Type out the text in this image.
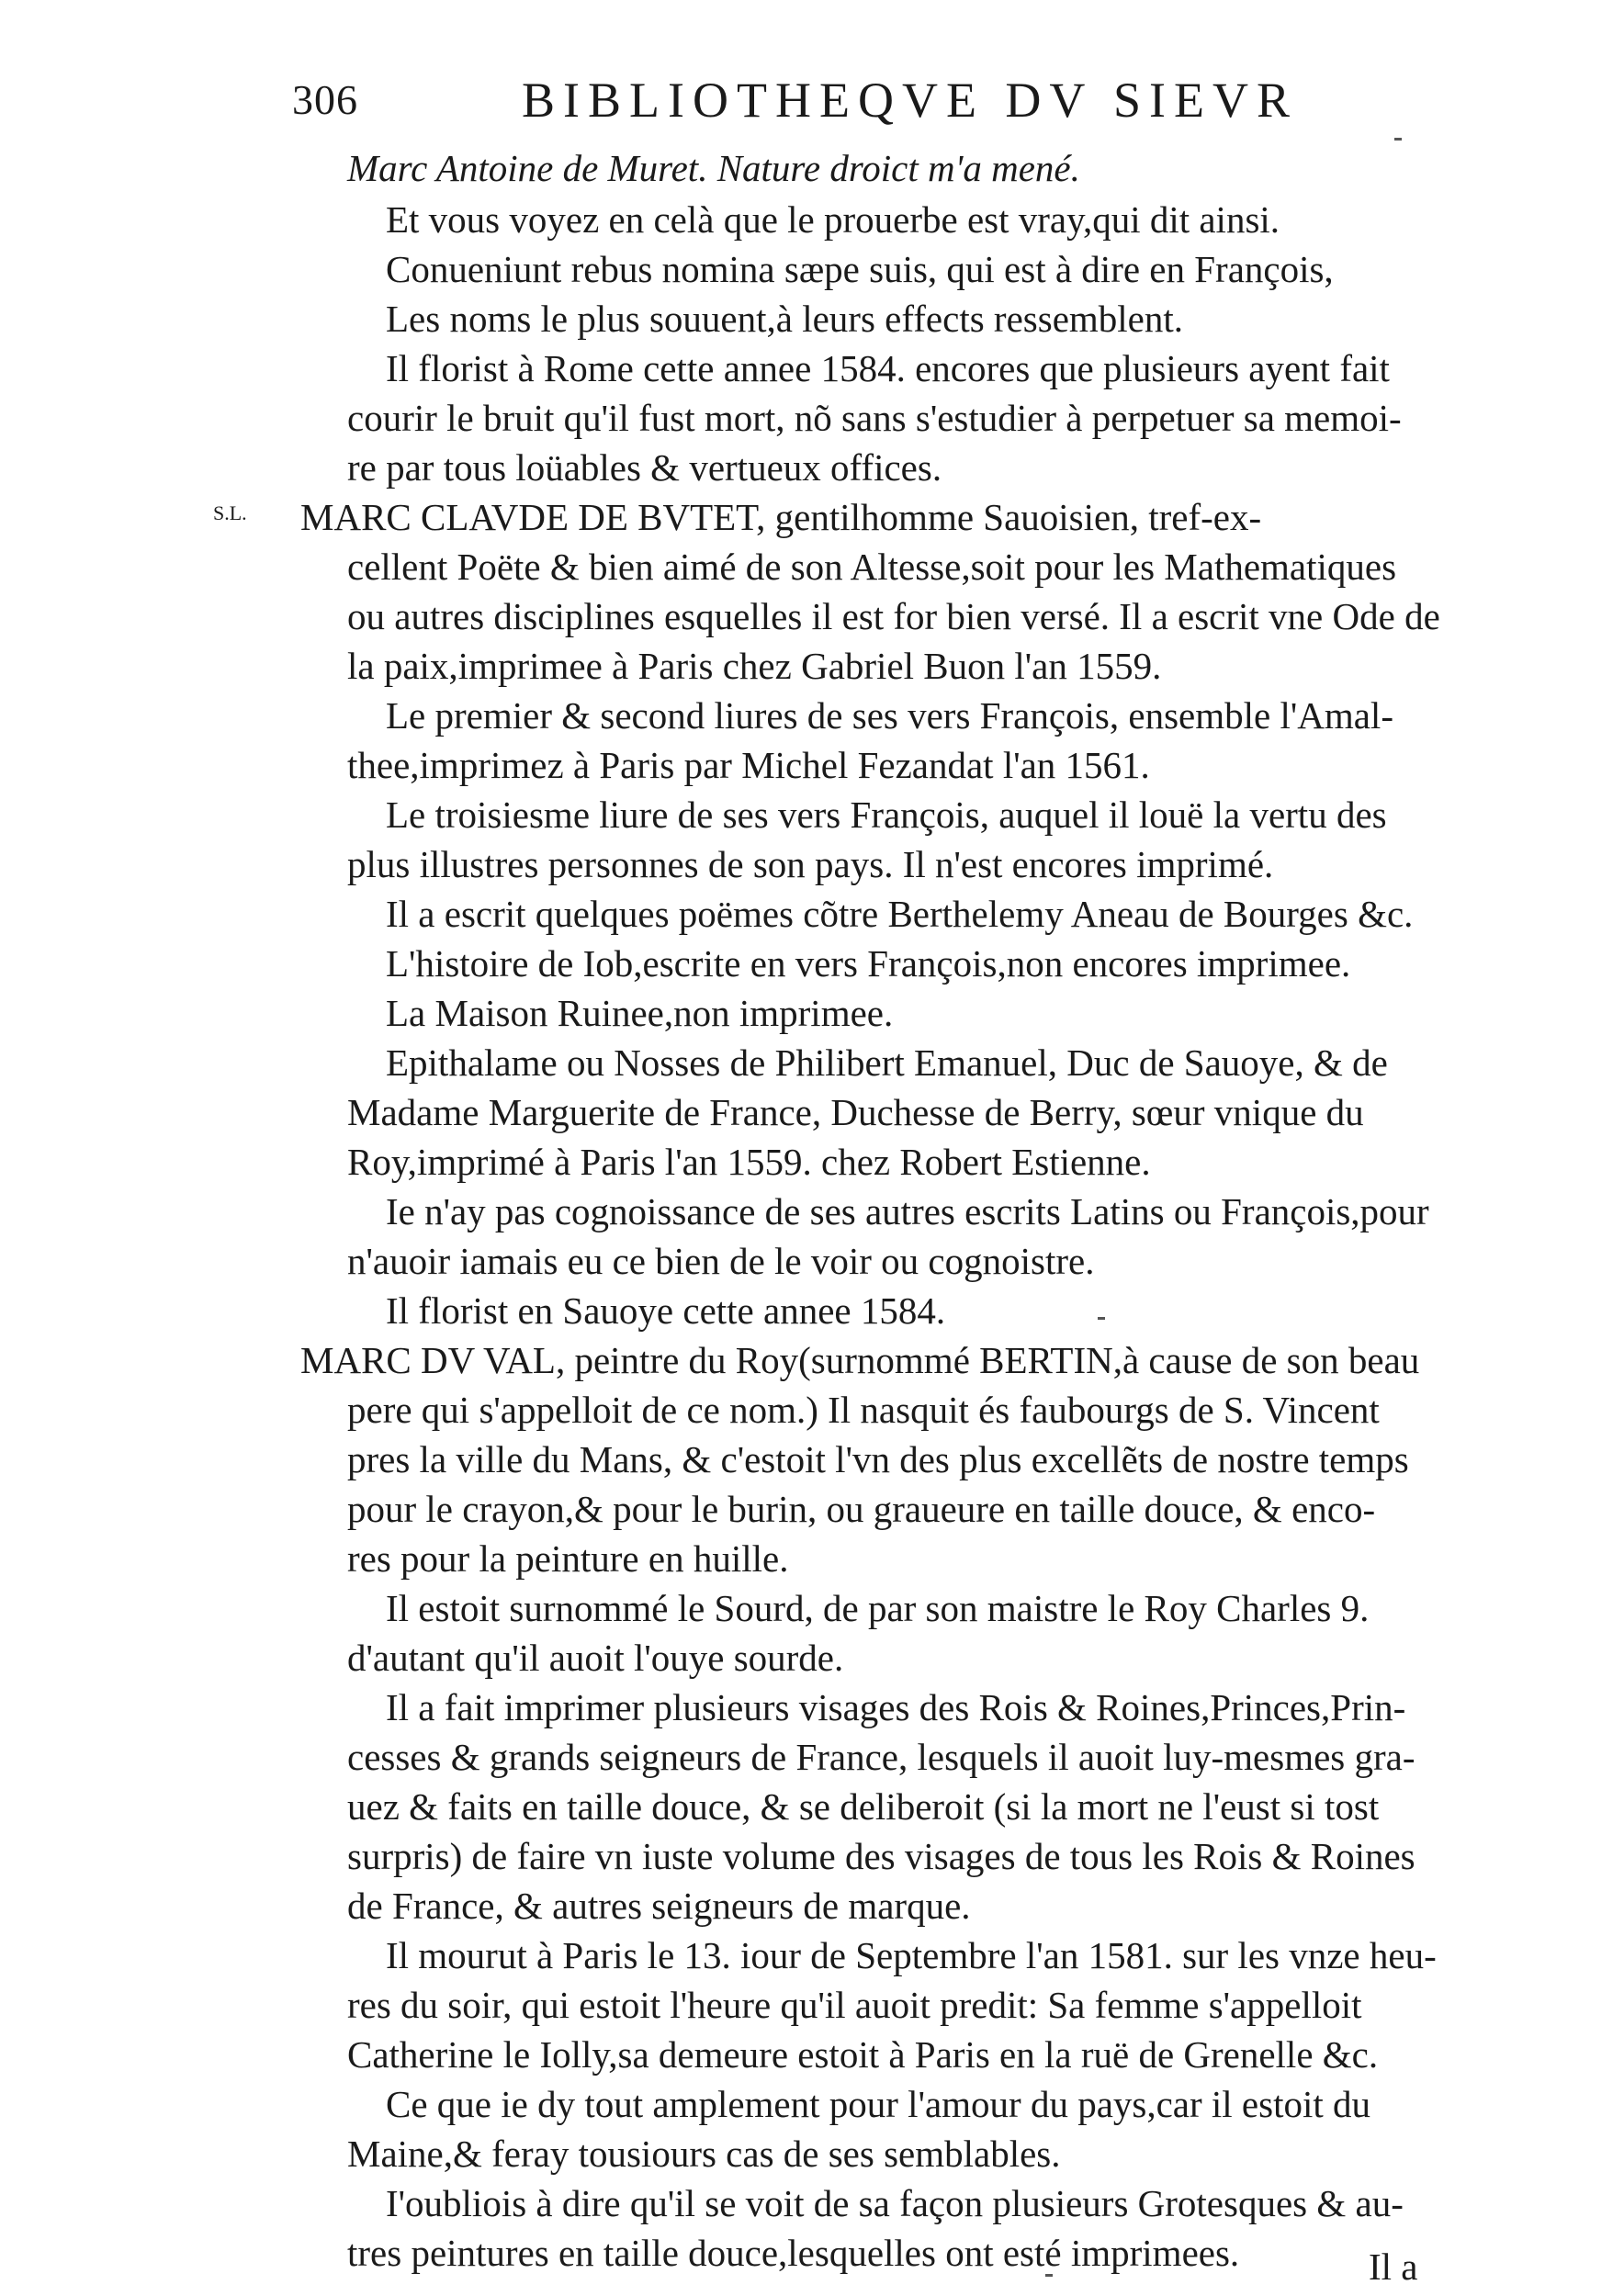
306	BIBLIOTHEQVE DV SIEVR
Marc Antoine de Muret. Nature droict m'a mené.
Et vous voyez en celà que le prouerbe est vray,qui dit ainsi.
Conueniunt rebus nomina sæpe suis, qui est à dire en François,
Les noms le plus souuent,à leurs effects ressemblent.
Il florist à Rome cette annee 1584. encores que plusieurs ayent fait
courir le bruit qu'il fust mort, nõ sans s'estudier à perpetuer sa memoi-
re par tous loüables & vertueux offices.
S.L. MARC CLAVDE DE BVTET, gentilhomme Sauoisien, tref-ex-
cellent Poëte & bien aimé de son Altesse,soit pour les Mathematiques
ou autres disciplines esquelles il est for bien versé. Il a escrit vne Ode de
la paix,imprimee à Paris chez Gabriel Buon l'an 1559.
Le premier & second liures de ses vers François, ensemble l'Amal-
thee,imprimez à Paris par Michel Fezandat l'an 1561.
Le troisiesme liure de ses vers François, auquel il louë la vertu des
plus illustres personnes de son pays. Il n'est encores imprimé.
Il a escrit quelques poëmes cõtre Berthelemy Aneau de Bourges &c.
L'histoire de Iob,escrite en vers François,non encores imprimee.
La Maison Ruinee,non imprimee.
Epithalame ou Nosses de Philibert Emanuel, Duc de Sauoye, & de
Madame Marguerite de France, Duchesse de Berry, sœur vnique du
Roy,imprimé à Paris l'an 1559. chez Robert Estienne.
Ie n'ay pas cognoissance de ses autres escrits Latins ou François,pour
n'auoir iamais eu ce bien de le voir ou cognoistre.
Il florist en Sauoye cette annee 1584.
MARC DV VAL, peintre du Roy(surnommé BERTIN,à cause de son beau
pere qui s'appelloit de ce nom.) Il nasquit és faubourgs de S. Vincent
pres la ville du Mans, & c'estoit l'vn des plus excellẽts de nostre temps
pour le crayon,& pour le burin, ou graueure en taille douce, & enco-
res pour la peinture en huille.
Il estoit surnommé le Sourd, de par son maistre le Roy Charles 9.
d'autant qu'il auoit l'ouye sourde.
Il a fait imprimer plusieurs visages des Rois & Roines,Princes,Prin-
cesses & grands seigneurs de France, lesquels il auoit luy-mesmes gra-
uez & faits en taille douce, & se deliberoit (si la mort ne l'eust si tost
surpris) de faire vn iuste volume des visages de tous les Rois & Roines
de France, & autres seigneurs de marque.
Il mourut à Paris le 13. iour de Septembre l'an 1581. sur les vnze heu-
res du soir, qui estoit l'heure qu'il auoit predit: Sa femme s'appelloit
Catherine le Iolly,sa demeure estoit à Paris en la ruë de Grenelle &c.
Ce que ie dy tout amplement pour l'amour du pays,car il estoit du
Maine,& feray tousiours cas de ses semblables.
I'oubliois à dire qu'il se voit de sa façon plusieurs Grotesques & au-
tres peintures en taille douce,lesquelles ont esté imprimees.	Il a
